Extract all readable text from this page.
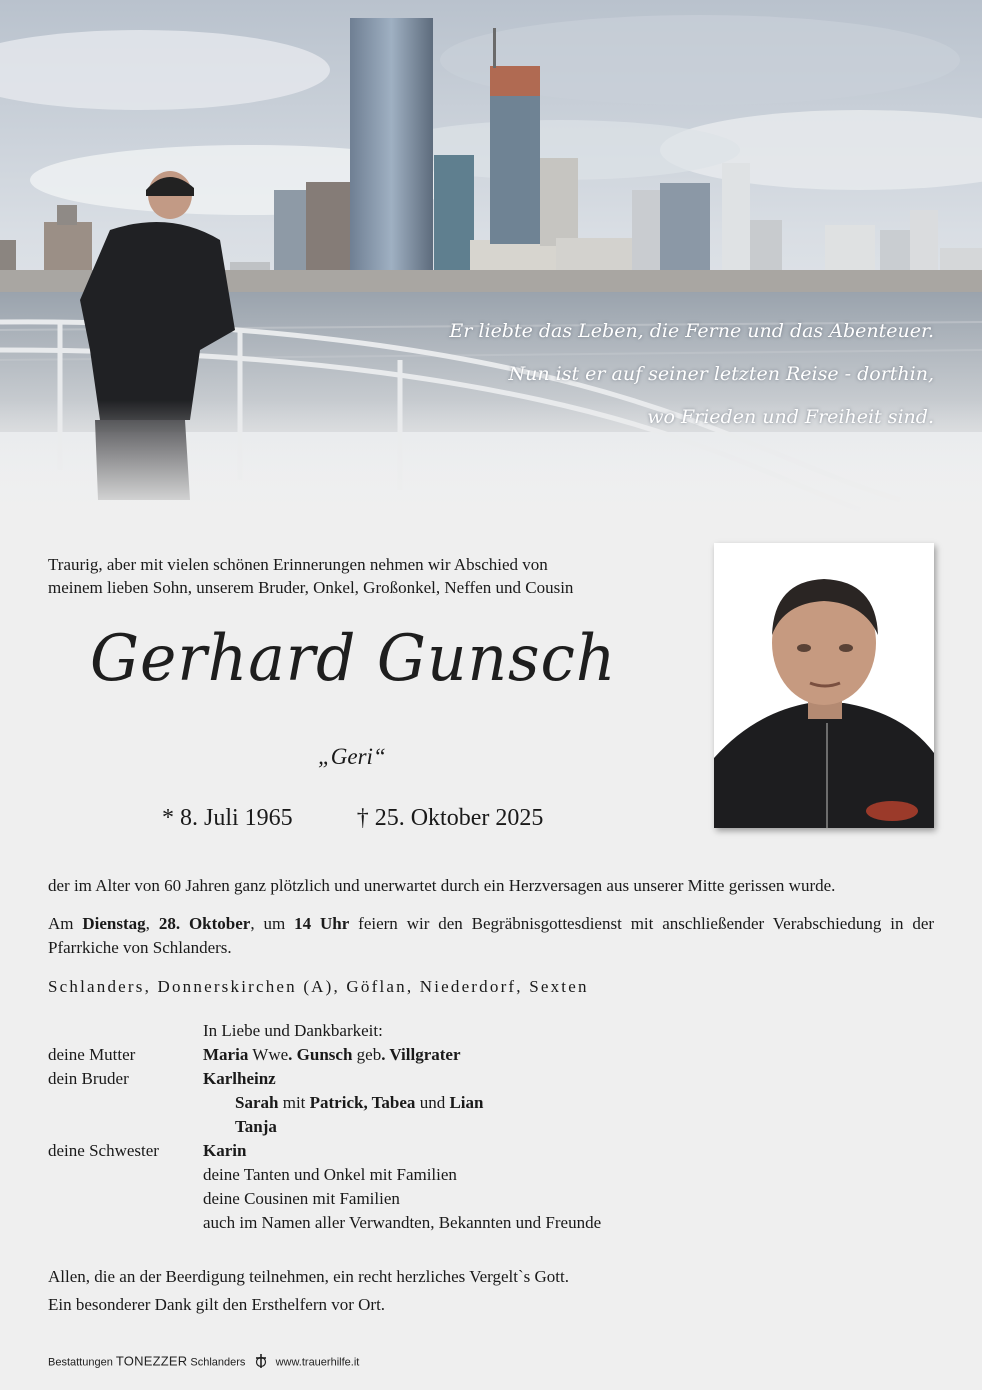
Er liebte das Leben, die Ferne und das Abenteuer.
Nun ist er auf seiner letzten Reise - dorthin,
wo Frieden und Freiheit sind.
Traurig, aber mit vielen schönen Erinnerungen nehmen wir Abschied von
meinem lieben Sohn, unserem Bruder, Onkel, Großonkel, Neffen und Cousin
Gerhard Gunsch
„Geri“
* 8. Juli 1965	† 25. Oktober 2025
der im Alter von 60 Jahren ganz plötzlich und unerwartet durch ein Herzversagen aus unserer Mitte gerissen wurde.
Am Dienstag, 28. Oktober, um 14 Uhr feiern wir den Begräbnisgottesdienst mit anschließender Verabschiedung in der Pfarrkiche von Schlanders.
Schlanders, Donnerskirchen (A), Göflan, Niederdorf, Sexten
In Liebe und Dankbarkeit:
deine Mutter	Maria Wwe. Gunsch geb. Villgrater
dein Bruder	Karlheinz
Sarah mit Patrick, Tabea und Lian
Tanja
deine Schwester	Karin
deine Tanten und Onkel mit Familien
deine Cousinen mit Familien
auch im Namen aller Verwandten, Bekannten und Freunde
Allen, die an der Beerdigung teilnehmen, ein recht herzliches Vergelt`s Gott.
Ein besonderer Dank gilt den Ersthelfern vor Ort.
Bestattungen TONEZZER Schlanders	www.trauerhilfe.it
